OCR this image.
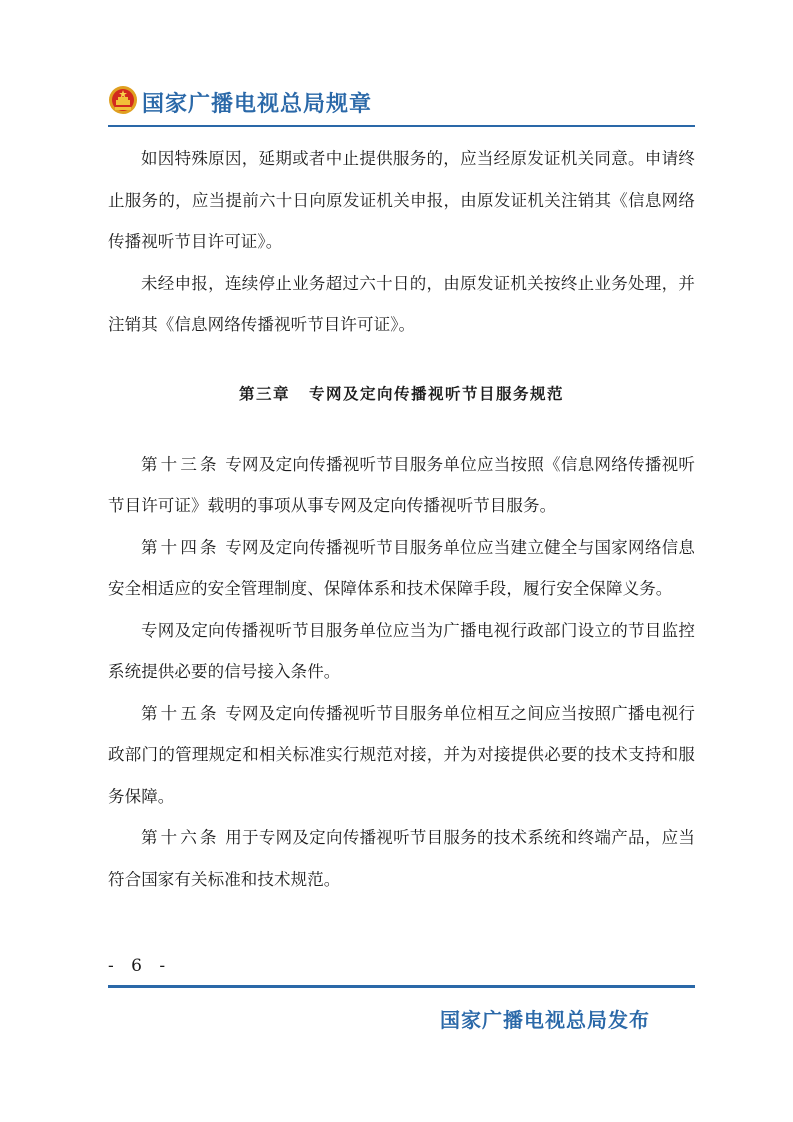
国家广播电视总局规章

如因特殊原因，延期或者中止提供服务的，应当经原发证机关同意。申请终止服务的，应当提前六十日向原发证机关申报，由原发证机关注销其《信息网络传播视听节目许可证》。

未经申报，连续停止业务超过六十日的，由原发证机关按终止业务处理，并注销其《信息网络传播视听节目许可证》。

第三章 专网及定向传播视听节目服务规范

第十三条 专网及定向传播视听节目服务单位应当按照《信息网络传播视听节目许可证》载明的事项从事专网及定向传播视听节目服务。

第十四条 专网及定向传播视听节目服务单位应当建立健全与国家网络信息安全相适应的安全管理制度、保障体系和技术保障手段，履行安全保障义务。

专网及定向传播视听节目服务单位应当为广播电视行政部门设立的节目监控系统提供必要的信号接入条件。

第十五条 专网及定向传播视听节目服务单位相互之间应当按照广播电视行政部门的管理规定和相关标准实行规范对接，并为对接提供必要的技术支持和服务保障。

第十六条 用于专网及定向传播视听节目服务的技术系统和终端产品，应当符合国家有关标准和技术规范。

- 6 -
国家广播电视总局发布
